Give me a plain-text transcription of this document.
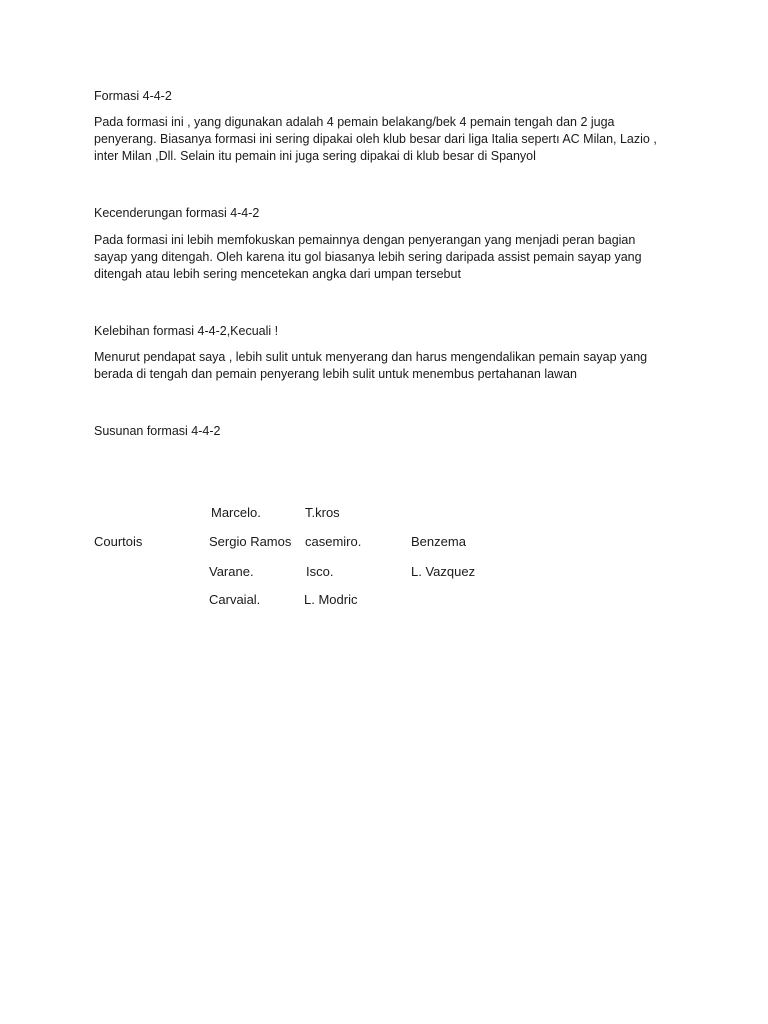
Formasi 4-4-2
Pada formasi ini , yang digunakan adalah 4 pemain belakang/bek 4 pemain tengah dan 2 juga
penyerang. Biasanya formasi ini sering dipakai oleh klub besar dari liga Italia sepertı AC Milan, Lazio ,
inter Milan ,Dll. Selain itu pemain ini juga sering dipakai di klub besar di Spanyol
Kecenderungan formasi 4-4-2
Pada formasi ini lebih memfokuskan pemainnya dengan penyerangan yang menjadi peran bagian
sayap yang ditengah. Oleh karena itu gol biasanya lebih sering daripada assist pemain sayap yang
ditengah atau lebih sering mencetekan angka dari umpan tersebut
Kelebihan formasi 4-4-2,Kecuali !
Menurut pendapat saya , lebih sulit untuk menyerang dan harus mengendalikan pemain sayap yang
berada di tengah dan pemain penyerang lebih sulit untuk menembus pertahanan lawan
Susunan formasi 4-4-2
Courtois
Marcelo.
Sergio Ramos
Varane.
Carvaial.
T.kros
casemiro.
Isco.
L. Modric
Benzema
L. Vazquez
